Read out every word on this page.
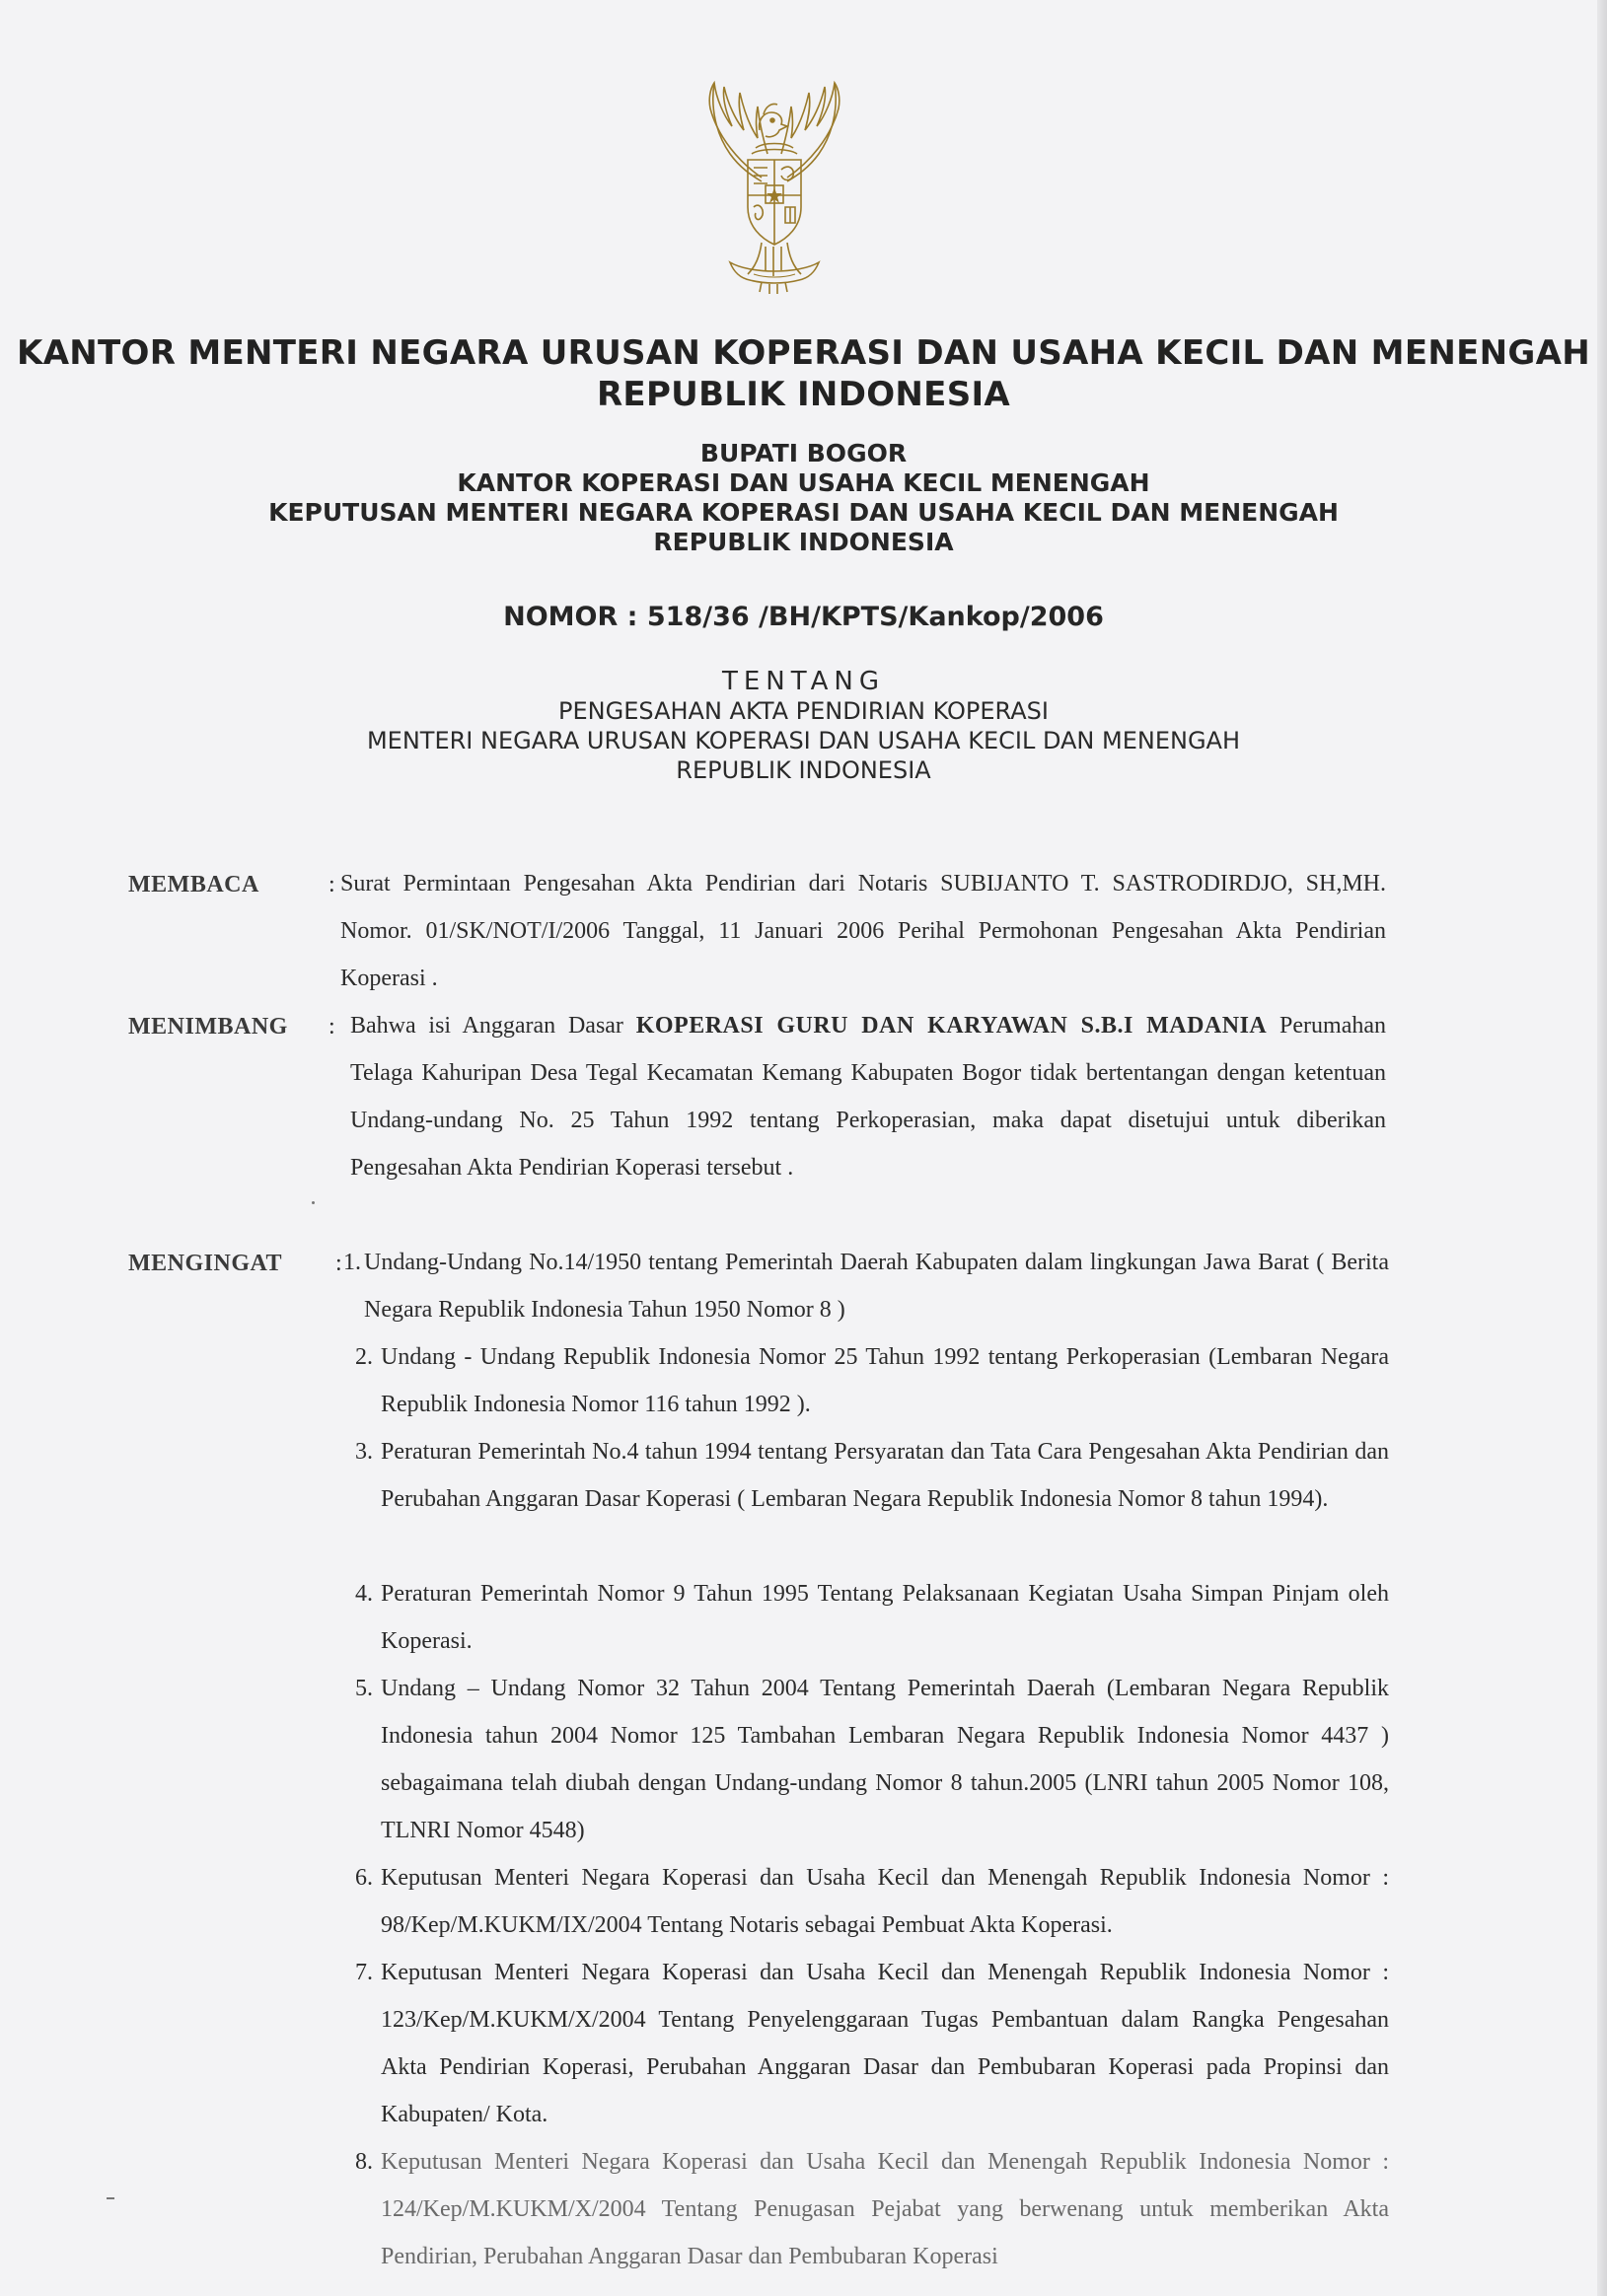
KANTOR MENTERI NEGARA URUSAN KOPERASI DAN USAHA KECIL DAN MENENGAH
REPUBLIK INDONESIA
BUPATI BOGOR
KANTOR KOPERASI DAN USAHA KECIL MENENGAH
KEPUTUSAN MENTERI NEGARA KOPERASI DAN USAHA KECIL DAN MENENGAH
REPUBLIK INDONESIA
NOMOR : 518/36 /BH/KPTS/Kankop/2006
TENTANG
PENGESAHAN AKTA PENDIRIAN KOPERASI
MENTERI NEGARA URUSAN KOPERASI DAN USAHA KECIL DAN MENENGAH
REPUBLIK INDONESIA
MEMBACA	: Surat Permintaan Pengesahan Akta Pendirian dari Notaris SUBIJANTO T. SASTRODIRDJO, SH,MH. Nomor. 01/SK/NOT/I/2006 Tanggal, 11 Januari 2006 Perihal Permohonan Pengesahan Akta Pendirian Koperasi .
MENIMBANG : Bahwa isi Anggaran Dasar KOPERASI GURU DAN KARYAWAN S.B.I MADANIA Perumahan Telaga Kahuripan Desa Tegal Kecamatan Kemang Kabupaten Bogor tidak bertentangan dengan ketentuan Undang-undang No. 25 Tahun 1992 tentang Perkoperasian, maka dapat disetujui untuk diberikan Pengesahan Akta Pendirian Koperasi tersebut .
MENGINGAT : 1. Undang-Undang No.14/1950 tentang Pemerintah Daerah Kabupaten dalam lingkungan Jawa Barat ( Berita Negara Republik Indonesia Tahun 1950 Nomor 8 )
2. Undang - Undang Republik Indonesia Nomor 25 Tahun 1992 tentang Perkoperasian (Lembaran Negara Republik Indonesia Nomor 116 tahun 1992 ).
3. Peraturan Pemerintah No.4 tahun 1994 tentang Persyaratan dan Tata Cara Pengesahan Akta Pendirian dan Perubahan Anggaran Dasar Koperasi ( Lembaran Negara Republik Indonesia Nomor 8 tahun 1994).
4. Peraturan Pemerintah Nomor 9 Tahun 1995 Tentang Pelaksanaan Kegiatan Usaha Simpan Pinjam oleh Koperasi.
5. Undang – Undang Nomor 32 Tahun 2004 Tentang Pemerintah Daerah (Lembaran Negara Republik Indonesia tahun 2004 Nomor 125 Tambahan Lembaran Negara Republik Indonesia Nomor 4437 ) sebagaimana telah diubah dengan Undang-undang Nomor 8 tahun.2005 (LNRI tahun 2005 Nomor 108, TLNRI Nomor 4548)
6. Keputusan Menteri Negara Koperasi dan Usaha Kecil dan Menengah Republik Indonesia Nomor : 98/Kep/M.KUKM/IX/2004 Tentang Notaris sebagai Pembuat Akta Koperasi.
7. Keputusan Menteri Negara Koperasi dan Usaha Kecil dan Menengah Republik Indonesia Nomor : 123/Kep/M.KUKM/X/2004 Tentang Penyelenggaraan Tugas Pembantuan dalam Rangka Pengesahan Akta Pendirian Koperasi, Perubahan Anggaran Dasar dan Pembubaran Koperasi pada Propinsi dan Kabupaten/ Kota.
8. Keputusan Menteri Negara Koperasi dan Usaha Kecil dan Menengah Republik Indonesia Nomor : 124/Kep/M.KUKM/X/2004 Tentang Penugasan Pejabat yang berwenang untuk memberikan Akta Pendirian, Perubahan Anggaran Dasar dan Pembubaran Koperasi
